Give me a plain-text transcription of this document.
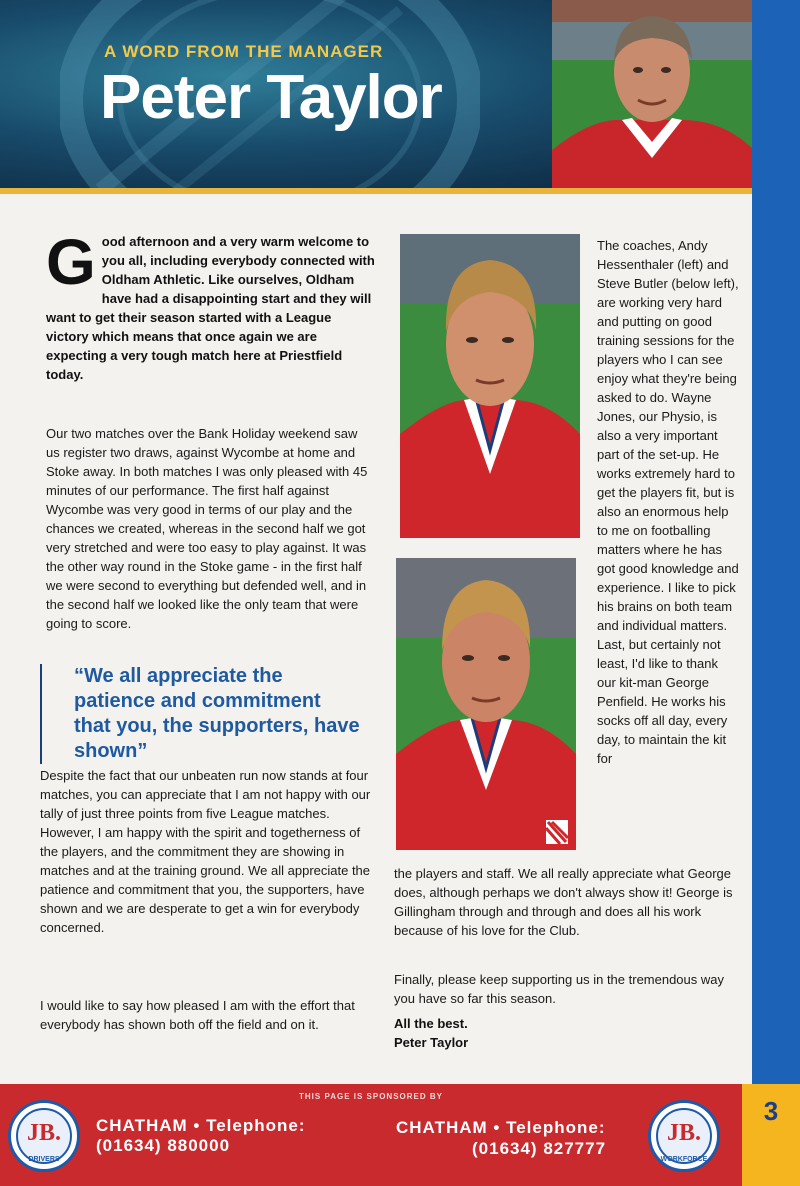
3
A WORD FROM THE MANAGER
Peter Taylor
Good afternoon and a very warm welcome to you all, including everybody connected with Oldham Athletic. Like ourselves, Oldham have had a disappointing start and they will want to get their season started with a League victory which means that once again we are expecting a very tough match here at Priestfield today.
Our two matches over the Bank Holiday weekend saw us register two draws, against Wycombe at home and Stoke away. In both matches I was only pleased with 45 minutes of our performance. The first half against Wycombe was very good in terms of our play and the chances we created, whereas in the second half we got very stretched and were too easy to play against. It was the other way round in the Stoke game - in the first half we were second to everything but defended well, and in the second half we looked like the only team that were going to score.
“We all appreciate the patience and commitment that you, the supporters, have shown”
Despite the fact that our unbeaten run now stands at four matches, you can appreciate that I am not happy with our tally of just three points from five League matches. However, I am happy with the spirit and togetherness of the players, and the commitment they are showing in matches and at the training ground. We all appreciate the patience and commitment that you, the supporters, have shown and we are desperate to get a win for everybody concerned.
I would like to say how pleased I am with the effort that everybody has shown both off the field and on it.
The coaches, Andy Hessenthaler (left) and Steve Butler (below left), are working very hard and putting on good training sessions for the players who I can see enjoy what they're being asked to do. Wayne Jones, our Physio, is also a very important part of the set-up. He works extremely hard to get the players fit, but is also an enormous help to me on footballing matters where he has got good knowledge and experience. I like to pick his brains on both team and individual matters. Last, but certainly not least, I'd like to thank our kit-man George Penfield. He works his socks off all day, every day, to maintain the kit for
the players and staff. We all really appreciate what George does, although perhaps we don't always show it! George is Gillingham through and through and does all his work because of his love for the Club.
Finally, please keep supporting us in the tremendous way you have so far this season.
All the best.
Peter Taylor
THIS PAGE IS SPONSORED BY
JB.
DRIVERS
CHATHAM • Telephone:
(01634) 880000
CHATHAM • Telephone:
(01634) 827777
JB.
WORKFORCE
